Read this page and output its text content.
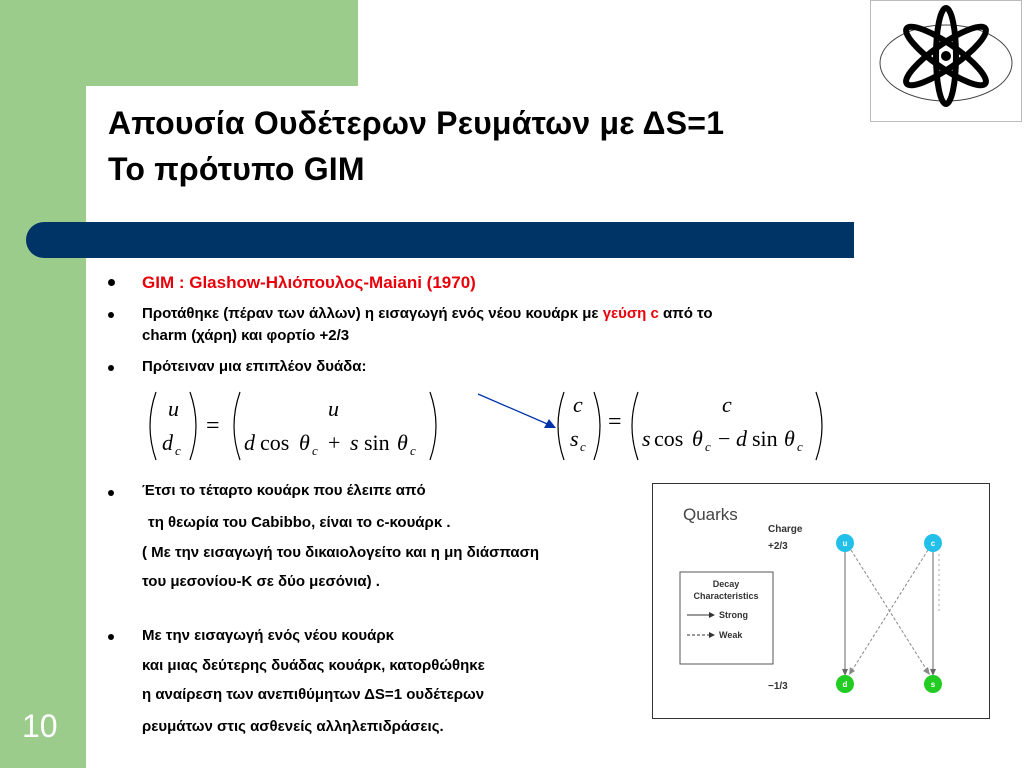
Απουσία Ουδέτερων Ρευμάτων με ΔS=1
Το πρότυπο GIM
10
GIM : Glashow-Ηλιόπουλος-Maiani (1970)
Προτάθηκε (πέραν των άλλων) η εισαγωγή ενός νέου κουάρκ με γεύση c από το
charm (χάρη) και φορτίο +2/3
Πρότειναν μια επιπλέον δυάδα:
Έτσι το τέταρτο κουάρκ που έλειπε από
τη θεωρία του Cabibbo, είναι το c-κουάρκ .
( Με την εισαγωγή του δικαιολογείτο και η μη διάσπαση
του μεσονίου-Κ σε δύο μεσόνια) .
Με την εισαγωγή ενός νέου κουάρκ
και μιας δεύτερης δυάδας κουάρκ, κατορθώθηκε
η αναίρεση των ανεπιθύμητων ΔS=1 ουδέτερων
ρευμάτων στις ασθενείς αλληλεπιδράσεις.
u
d c
u
d cos θ c + s sin θ c
=
c
s c
c
s cos θ c − d sin θ c
=
Quarks
Charge
+2/3
−1/3
Decay
Characteristics
Strong
Weak
u	c
d	s
